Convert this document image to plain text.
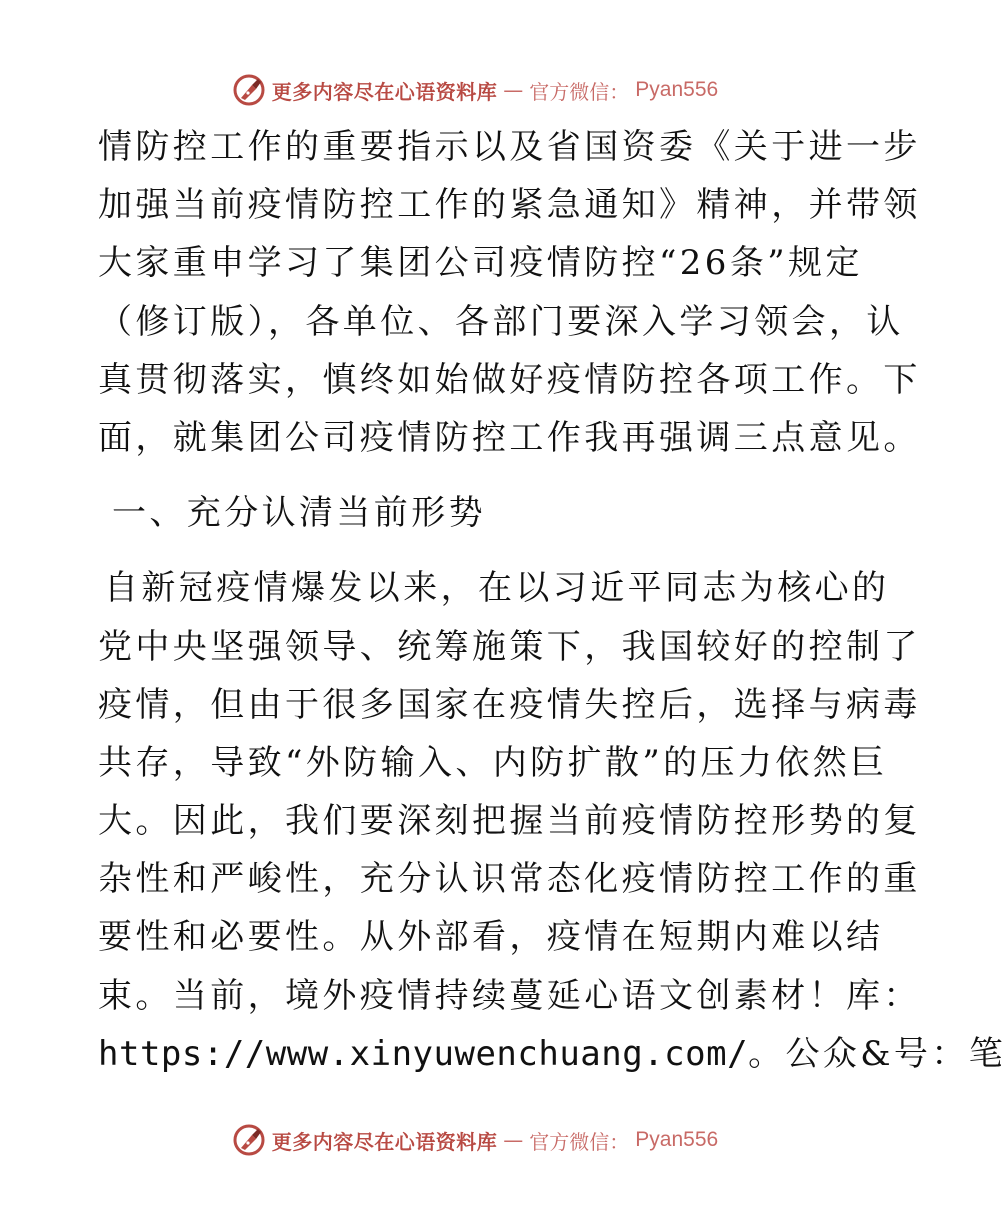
更多内容尽在心语资料库 — 官方微信： Pyan556
情防控工作的重要指示以及省国资委《关于进一步
加强当前疫情防控工作的紧急通知》精神，并带领
大家重申学习了集团公司疫情防控“26条”规定
（修订版），各单位、各部门要深入学习领会，认
真贯彻落实，慎终如始做好疫情防控各项工作。下
面，就集团公司疫情防控工作我再强调三点意见。
一、充分认清当前形势
自新冠疫情爆发以来，在以习近平同志为核心的
党中央坚强领导、统筹施策下，我国较好的控制了
疫情，但由于很多国家在疫情失控后，选择与病毒
共存，导致“外防输入、内防扩散”的压力依然巨
大。因此，我们要深刻把握当前疫情防控形势的复
杂性和严峻性，充分认识常态化疫情防控工作的重
要性和必要性。从外部看，疫情在短期内难以结
束。当前，境外疫情持续蔓延心语文创素材！库：
https://www.xinyuwenchuang.com/。公众&号：笔
更多内容尽在心语资料库 — 官方微信： Pyan556
